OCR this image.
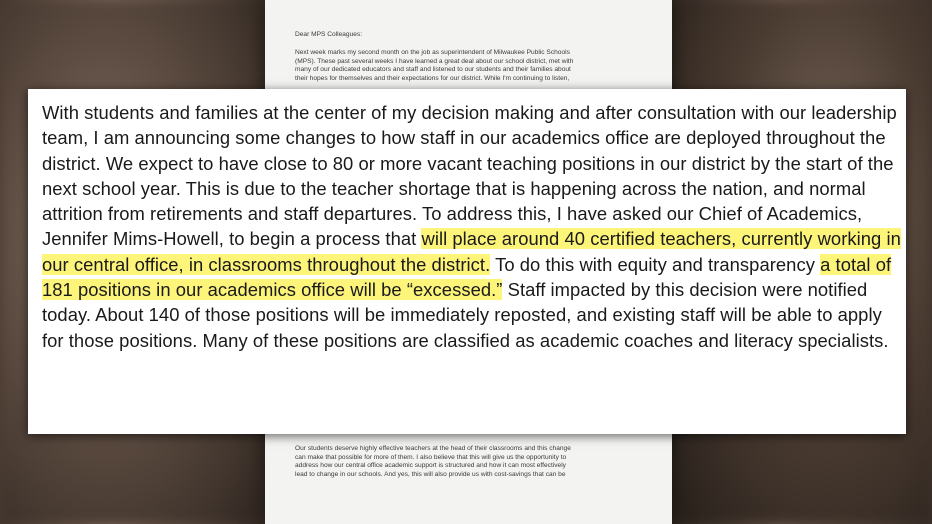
Dear MPS Colleagues:
Next week marks my second month on the job as superintendent of Milwaukee Public Schools
(MPS). These past several weeks I have learned a great deal about our school district, met with
many of our dedicated educators and staff and listened to our students and their families about
their hopes for themselves and their expectations for our district. While I'm continuing to listen,
Our students deserve highly effective teachers at the head of their classrooms and this change
can make that possible for more of them. I also believe that this will give us the opportunity to
address how our central office academic support is structured and how it can most effectively
lead to change in our schools. And yes, this will also provide us with cost-savings that can be
With students and families at the center of my decision making and after consultation with our leadership team, I am announcing some changes to how staff in our academics office are deployed throughout the district. We expect to have close to 80 or more vacant teaching positions in our district by the start of the next school year. This is due to the teacher shortage that is happening across the nation, and normal attrition from retirements and staff departures. To address this, I have asked our Chief of Academics, Jennifer Mims-Howell, to begin a process that will place around 40 certified teachers, currently working in our central office, in classrooms throughout the district. To do this with equity and transparency a total of 181 positions in our academics office will be “excessed.” Staff impacted by this decision were notified today. About 140 of those positions will be immediately reposted, and existing staff will be able to apply for those positions. Many of these positions are classified as academic coaches and literacy specialists.
